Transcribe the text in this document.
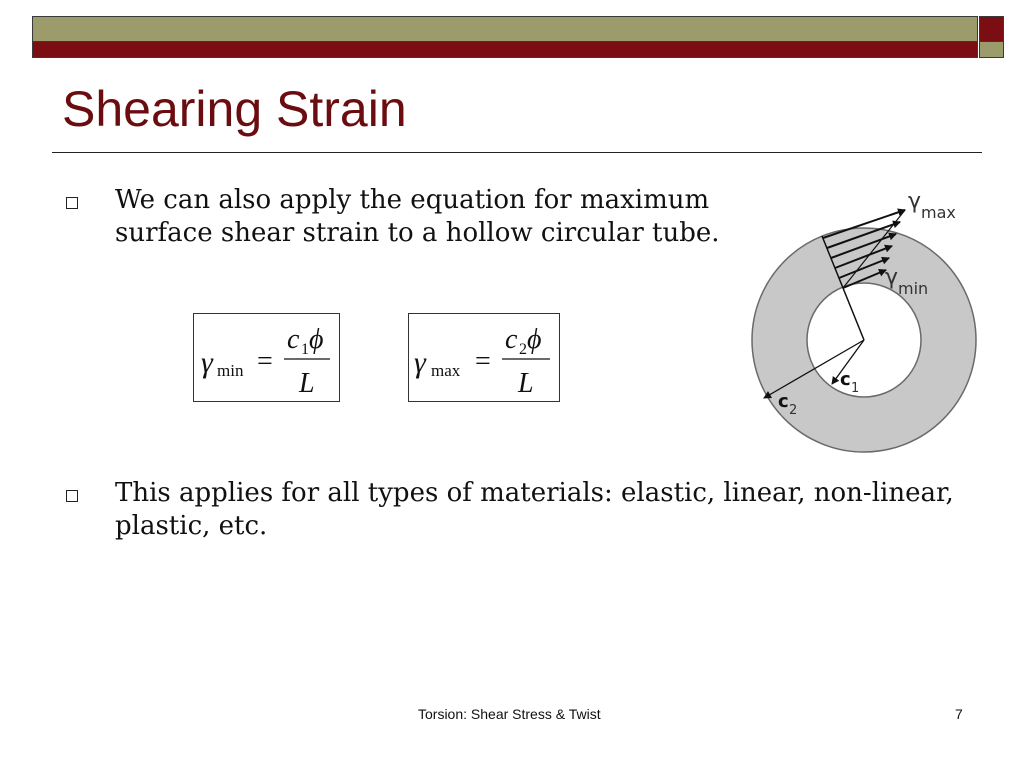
Shearing Strain
We can also apply the equation for maximum
surface shear strain to a hollow circular tube.
γ min =
c 1 ϕ
L
γ max =
c 2 ϕ
L
γ max
γ min
c 1
c 2
This applies for all types of materials: elastic, linear, non-linear,
plastic, etc.
Torsion: Shear Stress & Twist	7
